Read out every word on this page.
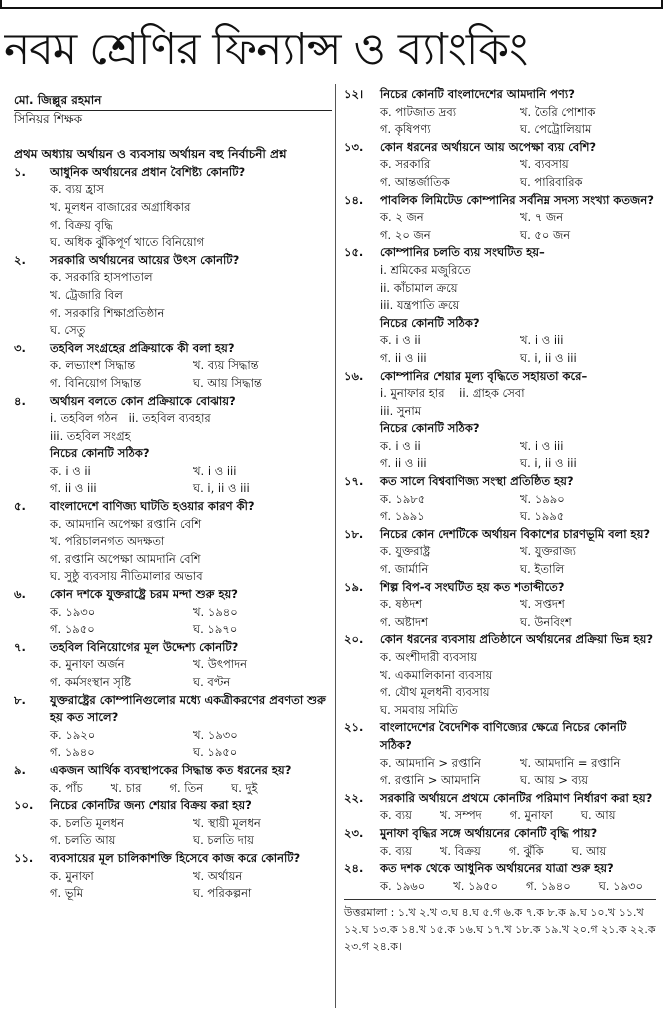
নবম শ্রেণির ফিন্যান্স ও ব্যাংকিং
মো. জিল্লুর রহমান
সিনিয়র শিক্ষক
প্রথম অধ্যায় অর্থায়ন ও ব্যবসায় অর্থায়ন বহু নির্বাচনী প্রশ্ন
১. আধুনিক অর্থায়নের প্রধান বৈশিষ্ট্য কোনটি?
ক. ব্যয় হ্রাস
খ. মূলধন বাজারের অগ্রাধিকার
গ. বিক্রয় বৃদ্ধি
ঘ. অধিক ঝুঁকিপূর্ণ খাতে বিনিয়োগ
২. সরকারি অর্থায়নের আয়ের উৎস কোনটি?
ক. সরকারি হাসপাতাল
খ. ট্রেজারি বিল
গ. সরকারি শিক্ষাপ্রতিষ্ঠান
ঘ. সেতু
৩. তহবিল সংগ্রহের প্রক্রিয়াকে কী বলা হয়?
ক. লভ্যাংশ সিদ্ধান্ত	খ. ব্যয় সিদ্ধান্ত
গ. বিনিয়োগ সিদ্ধান্ত	ঘ. আয় সিদ্ধান্ত
৪. অর্থায়ন বলতে কোন প্রক্রিয়াকে বোঝায়?
i. তহবিল গঠন   ii. তহবিল ব্যবহার
iii. তহবিল সংগ্রহ
নিচের কোনটি সঠিক?
ক. i ও ii	খ. i ও iii
গ. ii ও iii	ঘ. i, ii ও iii
৫. বাংলাদেশে বাণিজ্য ঘাটতি হওয়ার কারণ কী?
ক. আমদানি অপেক্ষা রপ্তানি বেশি
খ. পরিচালনগত অদক্ষতা
গ. রপ্তানি অপেক্ষা আমদানি বেশি
ঘ. সুষ্ঠু ব্যবসায় নীতিমালার অভাব
৬. কোন দশকে যুক্তরাষ্ট্রে চরম মন্দা শুরু হয়?
ক. ১৯৩০	খ. ১৯৪০
গ. ১৯৫০	ঘ. ১৯৭০
৭. তহবিল বিনিয়োগের মূল উদ্দেশ্য কোনটি?
ক. মুনাফা অর্জন	খ. উৎপাদন
গ. কর্মসংস্থান সৃষ্টি	ঘ. বণ্টন
৮. যুক্তরাষ্ট্রের কোম্পানিগুলোর মধ্যে একত্রীকরণের প্রবণতা শুরু হয় কত সালে?
ক. ১৯২০	খ. ১৯৩০
গ. ১৯৪০	ঘ. ১৯৫০
৯. একজন আর্থিক ব্যবস্থাপকের সিদ্ধান্ত কত ধরনের হয়?
ক. পাঁচ খ. চার গ. তিন ঘ. দুই
১০. নিচের কোনটির জন্য শেয়ার বিক্রয় করা হয়?
ক. চলতি মূলধন	খ. স্থায়ী মূলধন
গ. চলতি আয়	ঘ. চলতি দায়
১১. ব্যবসায়ের মূল চালিকাশক্তি হিসেবে কাজ করে কোনটি?
ক. মুনাফা	খ. অর্থায়ন
গ. ভূমি	ঘ. পরিকল্পনা
১২। নিচের কোনটি বাংলাদেশের আমদানি পণ্য?
ক. পাটজাত দ্রব্য	খ. তৈরি পোশাক
গ. কৃষিপণ্য	ঘ. পেট্রোলিয়াম
১৩. কোন ধরনের অর্থায়নে আয় অপেক্ষা ব্যয় বেশি?
ক. সরকারি	খ. ব্যবসায়
গ. আন্তর্জাতিক	ঘ. পারিবারিক
১৪. পাবলিক লিমিটেড কোম্পানির সর্বনিম্ন সদস্য সংখ্যা কতজন?
ক. ২ জন	খ. ৭ জন
গ. ২০ জন	ঘ. ৫০ জন
১৫. কোম্পানির চলতি ব্যয় সংঘটিত হয়–
i. শ্রমিকের মজুরিতে
ii. কাঁচামাল ক্রয়ে
iii. যন্ত্রপাতি ক্রয়ে
নিচের কোনটি সঠিক?
ক. i ও ii	খ. i ও iii
গ. ii ও iii	ঘ. i, ii ও iii
১৬. কোম্পানির শেয়ার মূল্য বৃদ্ধিতে সহায়তা করে–
i. মুনাফার হার    ii. গ্রাহক সেবা
iii. সুনাম
নিচের কোনটি সঠিক?
ক. i ও ii	খ. i ও iii
গ. ii ও iii	ঘ. i, ii ও iii
১৭. কত সালে বিশ্ববাণিজ্য সংস্থা প্রতিষ্ঠিত হয়?
ক. ১৯৮৫	খ. ১৯৯০
গ. ১৯৯১	ঘ. ১৯৯৫
১৮. নিচের কোন দেশটিকে অর্থায়ন বিকাশের চারণভূমি বলা হয়?
ক. যুক্তরাষ্ট্র	খ. যুক্তরাজ্য
গ. জার্মানি	ঘ. ইতালি
১৯. শিল্প বিপ-ব সংঘটিত হয় কত শতাব্দীতে?
ক. ষষ্ঠদশ	খ. সপ্তদশ
গ. অষ্টাদশ	ঘ. উনবিংশ
২০. কোন ধরনের ব্যবসায় প্রতিষ্ঠানে অর্থায়নের প্রক্রিয়া ভিন্ন হয়?
ক. অংশীদারী ব্যবসায়
খ. একমালিকানা ব্যবসায়
গ. যৌথ মূলধনী ব্যবসায়
ঘ. সমবায় সমিতি
২১. বাংলাদেশের বৈদেশিক বাণিজ্যের ক্ষেত্রে নিচের কোনটি সঠিক?
ক. আমদানি > রপ্তানি	খ. আমদানি = রপ্তানি
গ. রপ্তানি > আমদানি	ঘ. আয় > ব্যয়
২২. সরকারি অর্থায়নে প্রথমে কোনটির পরিমাণ নির্ধারণ করা হয়?
ক. ব্যয় খ. সম্পদ গ. মুনাফা ঘ. আয়
২৩. মুনাফা বৃদ্ধির সঙ্গে অর্থায়নের কোনটি বৃদ্ধি পায়?
ক. ব্যয় খ. বিক্রয় গ. ঝুঁকি ঘ. আয়
২৪. কত দশক থেকে আধুনিক অর্থায়নের যাত্রা শুরু হয়?
ক. ১৯৬০ খ. ১৯৫০ গ. ১৯৪০ ঘ. ১৯৩০
উত্তরমালা : ১.খ ২.খ ৩.ঘ ৪.ঘ ৫.গ ৬.ক ৭.ক ৮.ক ৯.ঘ ১০.খ ১১.খ ১২.ঘ ১৩.ক ১৪.খ ১৫.ক ১৬.ঘ ১৭.খ ১৮.ক ১৯.খ ২০.গ ২১.ক ২২.ক ২৩.গ ২৪.ক।
